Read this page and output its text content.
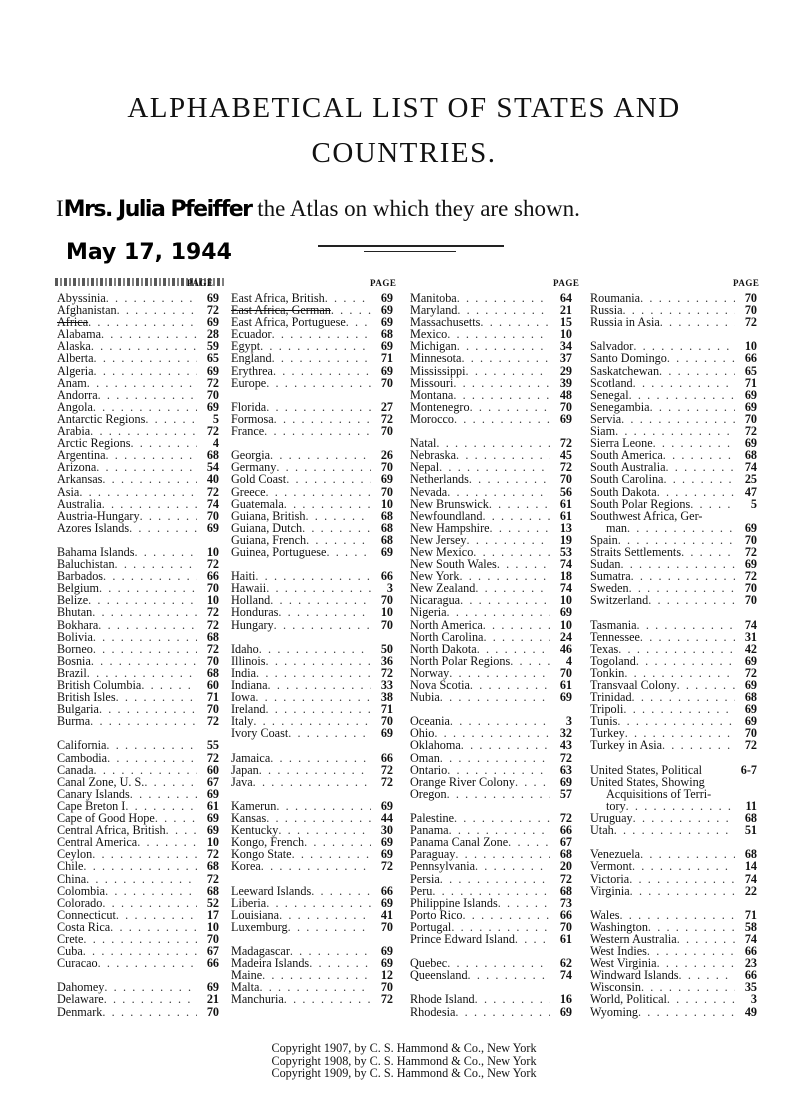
ALPHABETICAL LIST OF STATES AND
COUNTRIES.
IMrs. Julia Pfeiffer the Atlas on which they are shown.
May 17, 1944
PAGE	PAGE	PAGE	PAGE
Abyssinia . . .	69
Afghanistan . . .	72
Africa . . .	69
Alabama . . .	28
Alaska . . .	59
Alberta . . .	65
Algeria . . .	69
Anam . . .	72
Andorra . . .	70
Angola . . .	69
Antarctic Regions . . .	5
Arabia . . .	72
Arctic Regions . . .	4
Argentina . . .	68
Arizona . . .	54
Arkansas . . .	40
Asia . . .	72
Australia . . .	74
Austria-Hungary . . .	70
Azores Islands . . .	69
Bahama Islands . . .	10
Baluchistan . . .	72
Barbados . . .	66
Belgium . . .	70
Belize . . .	10
Bhutan . . .	72
Bokhara . . .	72
Bolivia . . .	68
Borneo . . .	72
Bosnia . . .	70
Brazil . . .	68
British Columbia . . .	60
British Isles . . .	71
Bulgaria . . .	70
Burma . . .	72
California . . .	55
Cambodia . . .	72
Canada . . .	60
Canal Zone, U. S. . . .	67
Canary Islands . . .	69
Cape Breton I . . .	61
Cape of Good Hope . . .	69
Central Africa, British . . .	69
Central America . . .	10
Ceylon . . .	72
Chile . . .	68
China . . .	72
Colombia . . .	68
Colorado . . .	52
Connecticut . . .	17
Costa Rica . . .	10
Crete . . .	70
Cuba . . .	67
Curacao . . .	66
Dahomey . . .	69
Delaware . . .	21
Denmark . . .	70
East Africa, British . . .	69
East Africa, German . . .	69
East Africa, Portuguese . . .	69
Ecuador . . .	68
Egypt . . .	69
England . . .	71
Erythrea . . .	69
Europe . . .	70
Florida . . .	27
Formosa . . .	72
France . . .	70
Georgia . . .	26
Germany . . .	70
Gold Coast . . .	69
Greece . . .	70
Guatemala . . .	10
Guiana, British . . .	68
Guiana, Dutch . . .	68
Guiana, French . . .	68
Guinea, Portuguese . . .	69
Haiti . . .	66
Hawaii . . .	3
Holland . . .	70
Honduras . . .	10
Hungary . . .	70
Idaho . . .	50
Illinois . . .	36
India . . .	72
Indiana . . .	33
Iowa . . .	38
Ireland . . .	71
Italy . . .	70
Ivory Coast . . .	69
Jamaica . . .	66
Japan . . .	72
Java . . .	72
Kamerun . . .	69
Kansas . . .	44
Kentucky . . .	30
Kongo, French . . .	69
Kongo State . . .	69
Korea . . .	72
Leeward Islands . . .	66
Liberia . . .	69
Louisiana . . .	41
Luxemburg . . .	70
Madagascar . . .	69
Madeira Islands . . .	69
Maine . . .	12
Malta . . .	70
Manchuria . . .	72
Manitoba . . .	64
Maryland . . .	21
Massachusetts . . .	15
Mexico . . .	10
Michigan . . .	34
Minnesota . . .	37
Mississippi . . .	29
Missouri . . .	39
Montana . . .	48
Montenegro . . .	70
Morocco . . .	69
Natal . . .	72
Nebraska . . .	45
Nepal . . .	72
Netherlands . . .	70
Nevada . . .	56
New Brunswick . . .	61
Newfoundland . . .	61
New Hampshire . . .	13
New Jersey . . .	19
New Mexico . . .	53
New South Wales . . .	74
New York . . .	18
New Zealand . . .	74
Nicaragua . . .	10
Nigeria . . .	69
North America . . .	10
North Carolina . . .	24
North Dakota . . .	46
North Polar Regions . . .	4
Norway . . .	70
Nova Scotia . . .	61
Nubia . . .	69
Oceania . . .	3
Ohio . . .	32
Oklahoma . . .	43
Oman . . .	72
Ontario . . .	63
Orange River Colony . . .	69
Oregon . . .	57
Palestine . . .	72
Panama . . .	66
Panama Canal Zone . . .	67
Paraguay . . .	68
Pennsylvania . . .	20
Persia . . .	72
Peru . . .	68
Philippine Islands . . .	73
Porto Rico . . .	66
Portugal . . .	70
Prince Edward Island . . .	61
Quebec . . .	62
Queensland . . .	74
Rhode Island . . .	16
Rhodesia . . .	69
Roumania . . .	70
Russia . . .	70
Russia in Asia . . .	72
Salvador . . .	10
Santo Domingo . . .	66
Saskatchewan . . .	65
Scotland . . .	71
Senegal . . .	69
Senegambia . . .	69
Servia . . .	70
Siam . . .	72
Sierra Leone . . .	69
South America . . .	68
South Australia . . .	74
South Carolina . . .	25
South Dakota . . .	47
South Polar Regions . . .	5
Southwest Africa, Ger-
man . . .	69
Spain . . .	70
Straits Settlements . . .	72
Sudan . . .	69
Sumatra . . .	72
Sweden . . .	70
Switzerland . . .	70
Tasmania . . .	74
Tennessee . . .	31
Texas . . .	42
Togoland . . .	69
Tonkin . . .	72
Transvaal Colony . . .	69
Trinidad . . .	68
Tripoli . . .	69
Tunis . . .	69
Turkey . . .	70
Turkey in Asia . . .	72
United States, Political	6-7
United States, Showing
Acquisitions of Terri-
tory . . .	11
Uruguay . . .	68
Utah . . .	51
Venezuela . . .	68
Vermont . . .	14
Victoria . . .	74
Virginia . . .	22
Wales . . .	71
Washington . . .	58
Western Australia . . .	74
West Indies . . .	66
West Virginia . . .	23
Windward Islands . . .	66
Wisconsin . . .	35
World, Political . . .	3
Wyoming . . .	49
Copyright 1907, by C. S. Hammond & Co., New York
Copyright 1908, by C. S. Hammond & Co., New York
Copyright 1909, by C. S. Hammond & Co., New York
